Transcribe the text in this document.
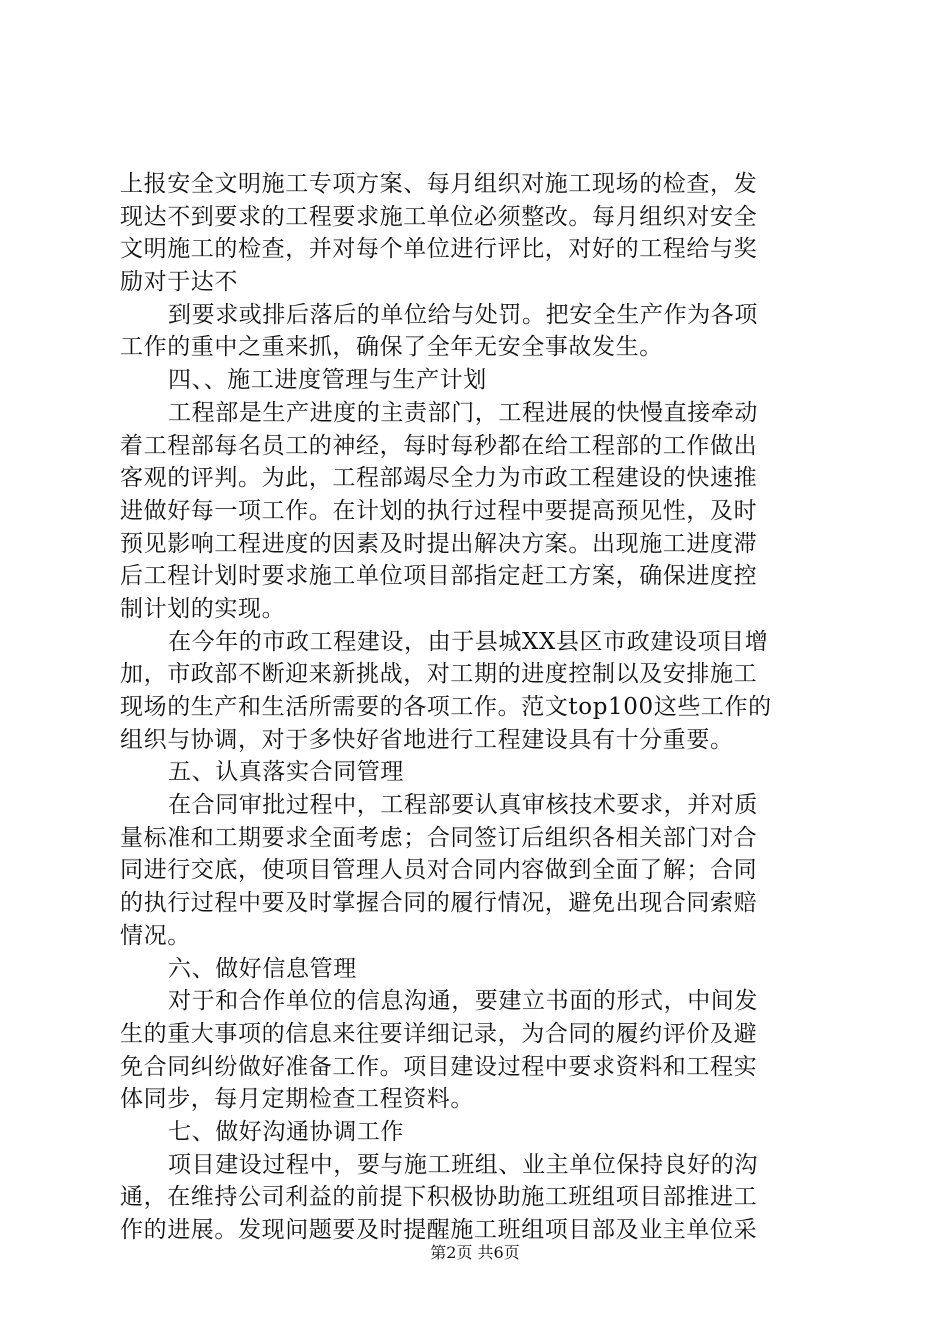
上报安全文明施工专项方案、每月组织对施工现场的检查，发
现达不到要求的工程要求施工单位必须整改。每月组织对安全
文明施工的检查，并对每个单位进行评比，对好的工程给与奖
励对于达不
到要求或排后落后的单位给与处罚。把安全生产作为各项
工作的重中之重来抓，确保了全年无安全事故发生。
四、、施工进度管理与生产计划
工程部是生产进度的主责部门，工程进展的快慢直接牵动
着工程部每名员工的神经，每时每秒都在给工程部的工作做出
客观的评判。为此，工程部竭尽全力为市政工程建设的快速推
进做好每一项工作。在计划的执行过程中要提高预见性，及时
预见影响工程进度的因素及时提出解决方案。出现施工进度滞
后工程计划时要求施工单位项目部指定赶工方案，确保进度控
制计划的实现。
在今年的市政工程建设，由于县城XX县区市政建设项目增
加，市政部不断迎来新挑战，对工期的进度控制以及安排施工
现场的生产和生活所需要的各项工作。范文top100这些工作的
组织与协调，对于多快好省地进行工程建设具有十分重要。
五、认真落实合同管理
在合同审批过程中，工程部要认真审核技术要求，并对质
量标准和工期要求全面考虑；合同签订后组织各相关部门对合
同进行交底，使项目管理人员对合同内容做到全面了解；合同
的执行过程中要及时掌握合同的履行情况，避免出现合同索赔
情况。
六、做好信息管理
对于和合作单位的信息沟通，要建立书面的形式，中间发
生的重大事项的信息来往要详细记录，为合同的履约评价及避
免合同纠纷做好准备工作。项目建设过程中要求资料和工程实
体同步，每月定期检查工程资料。
七、做好沟通协调工作
项目建设过程中，要与施工班组、业主单位保持良好的沟
通，在维持公司利益的前提下积极协助施工班组项目部推进工
作的进展。发现问题要及时提醒施工班组项目部及业主单位采
第2页 共6页
